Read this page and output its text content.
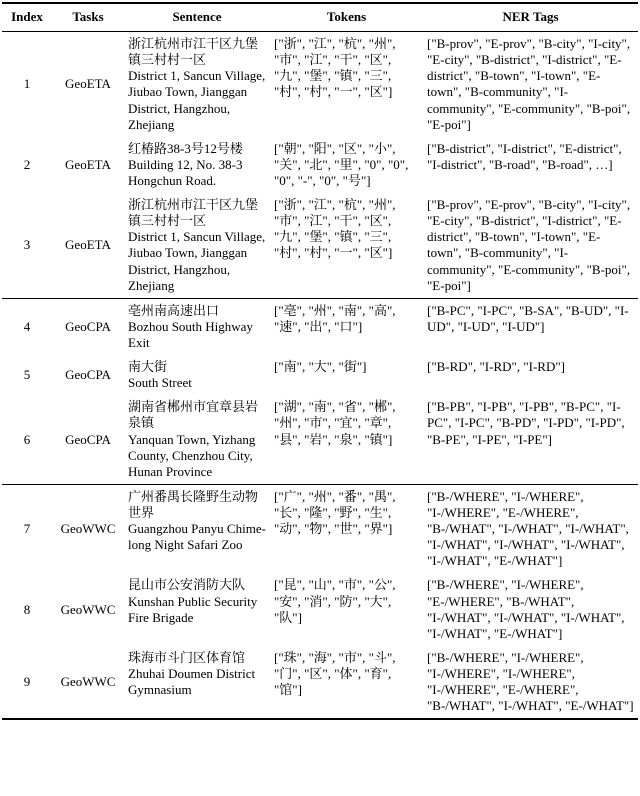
Index	Tasks	Sentence	Tokens	NER Tags
1	GeoETA	浙江杭州市江干区九堡镇三村村一区
District 1, Sancun Village, Jiubao Town, Jianggan District, Hangzhou, Zhejiang	["浙", "江", "杭", "州", "市", "江", "干", "区", "九", "堡", "镇", "三", "村", "村", "一", "区"]	["B-prov", "E-prov", "B-city", "I-city", "E-city", "B-district", "I-district", "E-district", "B-town", "I-town", "E-town", "B-community", "I-community", "E-community", "B-poi", "E-poi"]
2	GeoETA	红椿路38-3号12号楼
Building 12, No. 38-3 Hongchun Road.	["朝", "阳", "区", "小", "关", "北", "里", "0", "0", "0", "-", "0", "号"]	["B-district", "I-district", "E-district", "I-district", "B-road", "B-road", …]
3	GeoETA	浙江杭州市江干区九堡镇三村村一区
District 1, Sancun Village, Jiubao Town, Jianggan District, Hangzhou, Zhejiang	["浙", "江", "杭", "州", "市", "江", "干", "区", "九", "堡", "镇", "三", "村", "村", "一", "区"]	["B-prov", "E-prov", "B-city", "I-city", "E-city", "B-district", "I-district", "E-district", "B-town", "I-town", "E-town", "B-community", "I-community", "E-community", "B-poi", "E-poi"]
4	GeoCPA	亳州南高速出口
Bozhou South Highway Exit	["亳", "州", "南", "高", "速", "出", "口"]	["B-PC", "I-PC", "B-SA", "B-UD", "I-UD", "I-UD", "I-UD"]
5	GeoCPA	南大街
South Street	["南", "大", "街"]	["B-RD", "I-RD", "I-RD"]
6	GeoCPA	湖南省郴州市宜章县岩泉镇
Yanquan Town, Yizhang County, Chenzhou City, Hunan Province	["湖", "南", "省", "郴", "州", "市", "宜", "章", "县", "岩", "泉", "镇"]	["B-PB", "I-PB", "I-PB", "B-PC", "I-PC", "I-PC", "B-PD", "I-PD", "I-PD", "B-PE", "I-PE", "I-PE"]
7	GeoWWC	广州番禺长隆野生动物世界
Guangzhou Panyu Chime-long Night Safari Zoo	["广", "州", "番", "禺", "长", "隆", "野", "生", "动", "物", "世", "界"]	["B-/WHERE", "I-/WHERE", "I-/WHERE", "E-/WHERE", "B-/WHAT", "I-/WHAT", "I-/WHAT", "I-/WHAT", "I-/WHAT", "I-/WHAT", "I-/WHAT", "E-/WHAT"]
8	GeoWWC	昆山市公安消防大队
Kunshan Public Security Fire Brigade	["昆", "山", "市", "公", "安", "消", "防", "大", "队"]	["B-/WHERE", "I-/WHERE", "E-/WHERE", "B-/WHAT", "I-/WHAT", "I-/WHAT", "I-/WHAT", "I-/WHAT", "E-/WHAT"]
9	GeoWWC	珠海市斗门区体育馆
Zhuhai Doumen District Gymnasium	["珠", "海", "市", "斗", "门", "区", "体", "育", "馆"]	["B-/WHERE", "I-/WHERE", "I-/WHERE", "I-/WHERE", "I-/WHERE", "E-/WHERE", "B-/WHAT", "I-/WHAT", "E-/WHAT"]
